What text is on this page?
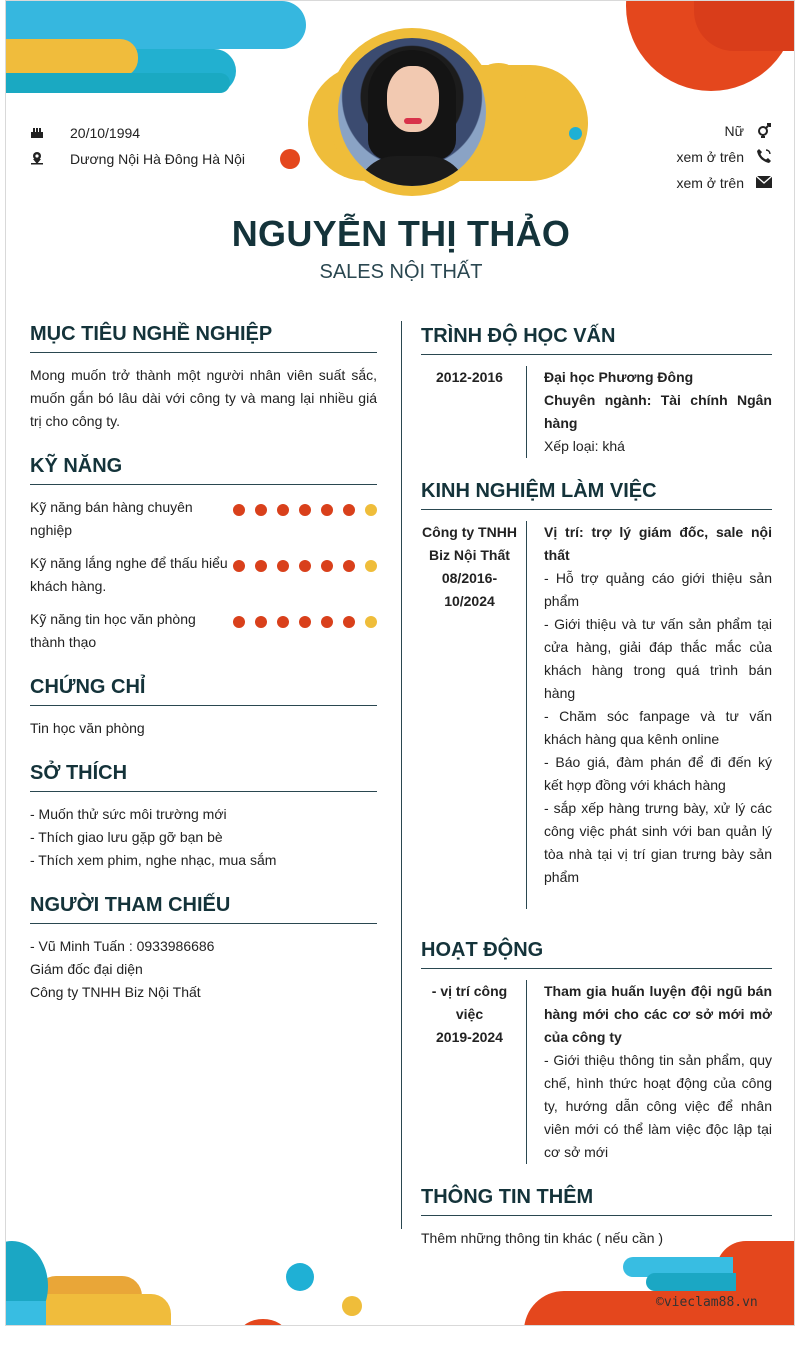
20/10/1994
Dương Nội Hà Đông Hà Nội
Nữ
xem ở trên
xem ở trên
NGUYỄN THỊ THẢO
SALES NỘI THẤT
MỤC TIÊU NGHỀ NGHIỆP
Mong muốn trở thành một người nhân viên suất sắc, muốn gắn bó lâu dài với công ty và mang lại nhiều giá trị cho công ty.
KỸ NĂNG
Kỹ năng bán hàng chuyên nghiệp
Kỹ năng lắng nghe để thấu hiểu khách hàng.
Kỹ năng tin học văn phòng thành thạo
CHỨNG CHỈ
Tin học văn phòng
SỞ THÍCH
- Muốn thử sức môi trường mới
- Thích giao lưu gặp gỡ bạn bè
- Thích xem phim, nghe nhạc, mua sắm
NGƯỜI THAM CHIẾU
- Vũ Minh Tuấn : 0933986686
Giám đốc đại diện
Công ty TNHH Biz Nội Thất
TRÌNH ĐỘ HỌC VẤN
2012-2016	Đại học Phương Đông
Chuyên ngành: Tài chính Ngân hàng
Xếp loại: khá
KINH NGHIỆM LÀM VIỆC
Công ty TNHH Biz Nội Thất
08/2016-10/2024
Vị trí: trợ lý giám đốc, sale nội thất
- Hỗ trợ quảng cáo giới thiệu sản phẩm
- Giới thiệu và tư vấn sản phẩm tại cửa hàng, giải đáp thắc mắc của khách hàng trong quá trình bán hàng
- Chăm sóc fanpage và tư vấn khách hàng qua kênh online
- Báo giá, đàm phán để đi đến ký kết hợp đồng với khách hàng
- sắp xếp hàng trưng bày, xử lý các công việc phát sinh với ban quản lý tòa nhà tại vị trí gian trưng bày sản phẩm
HOẠT ĐỘNG
- vị trí công việc
2019-2024
Tham gia huấn luyện đội ngũ bán hàng mới cho các cơ sở mới mở của công ty
- Giới thiệu thông tin sản phẩm, quy chế, hình thức hoạt động của công ty, hướng dẫn công việc để nhân viên mới có thể làm việc độc lập tại cơ sở mới
THÔNG TIN THÊM
Thêm những thông tin khác ( nếu cần )
©vieclam88.vn
